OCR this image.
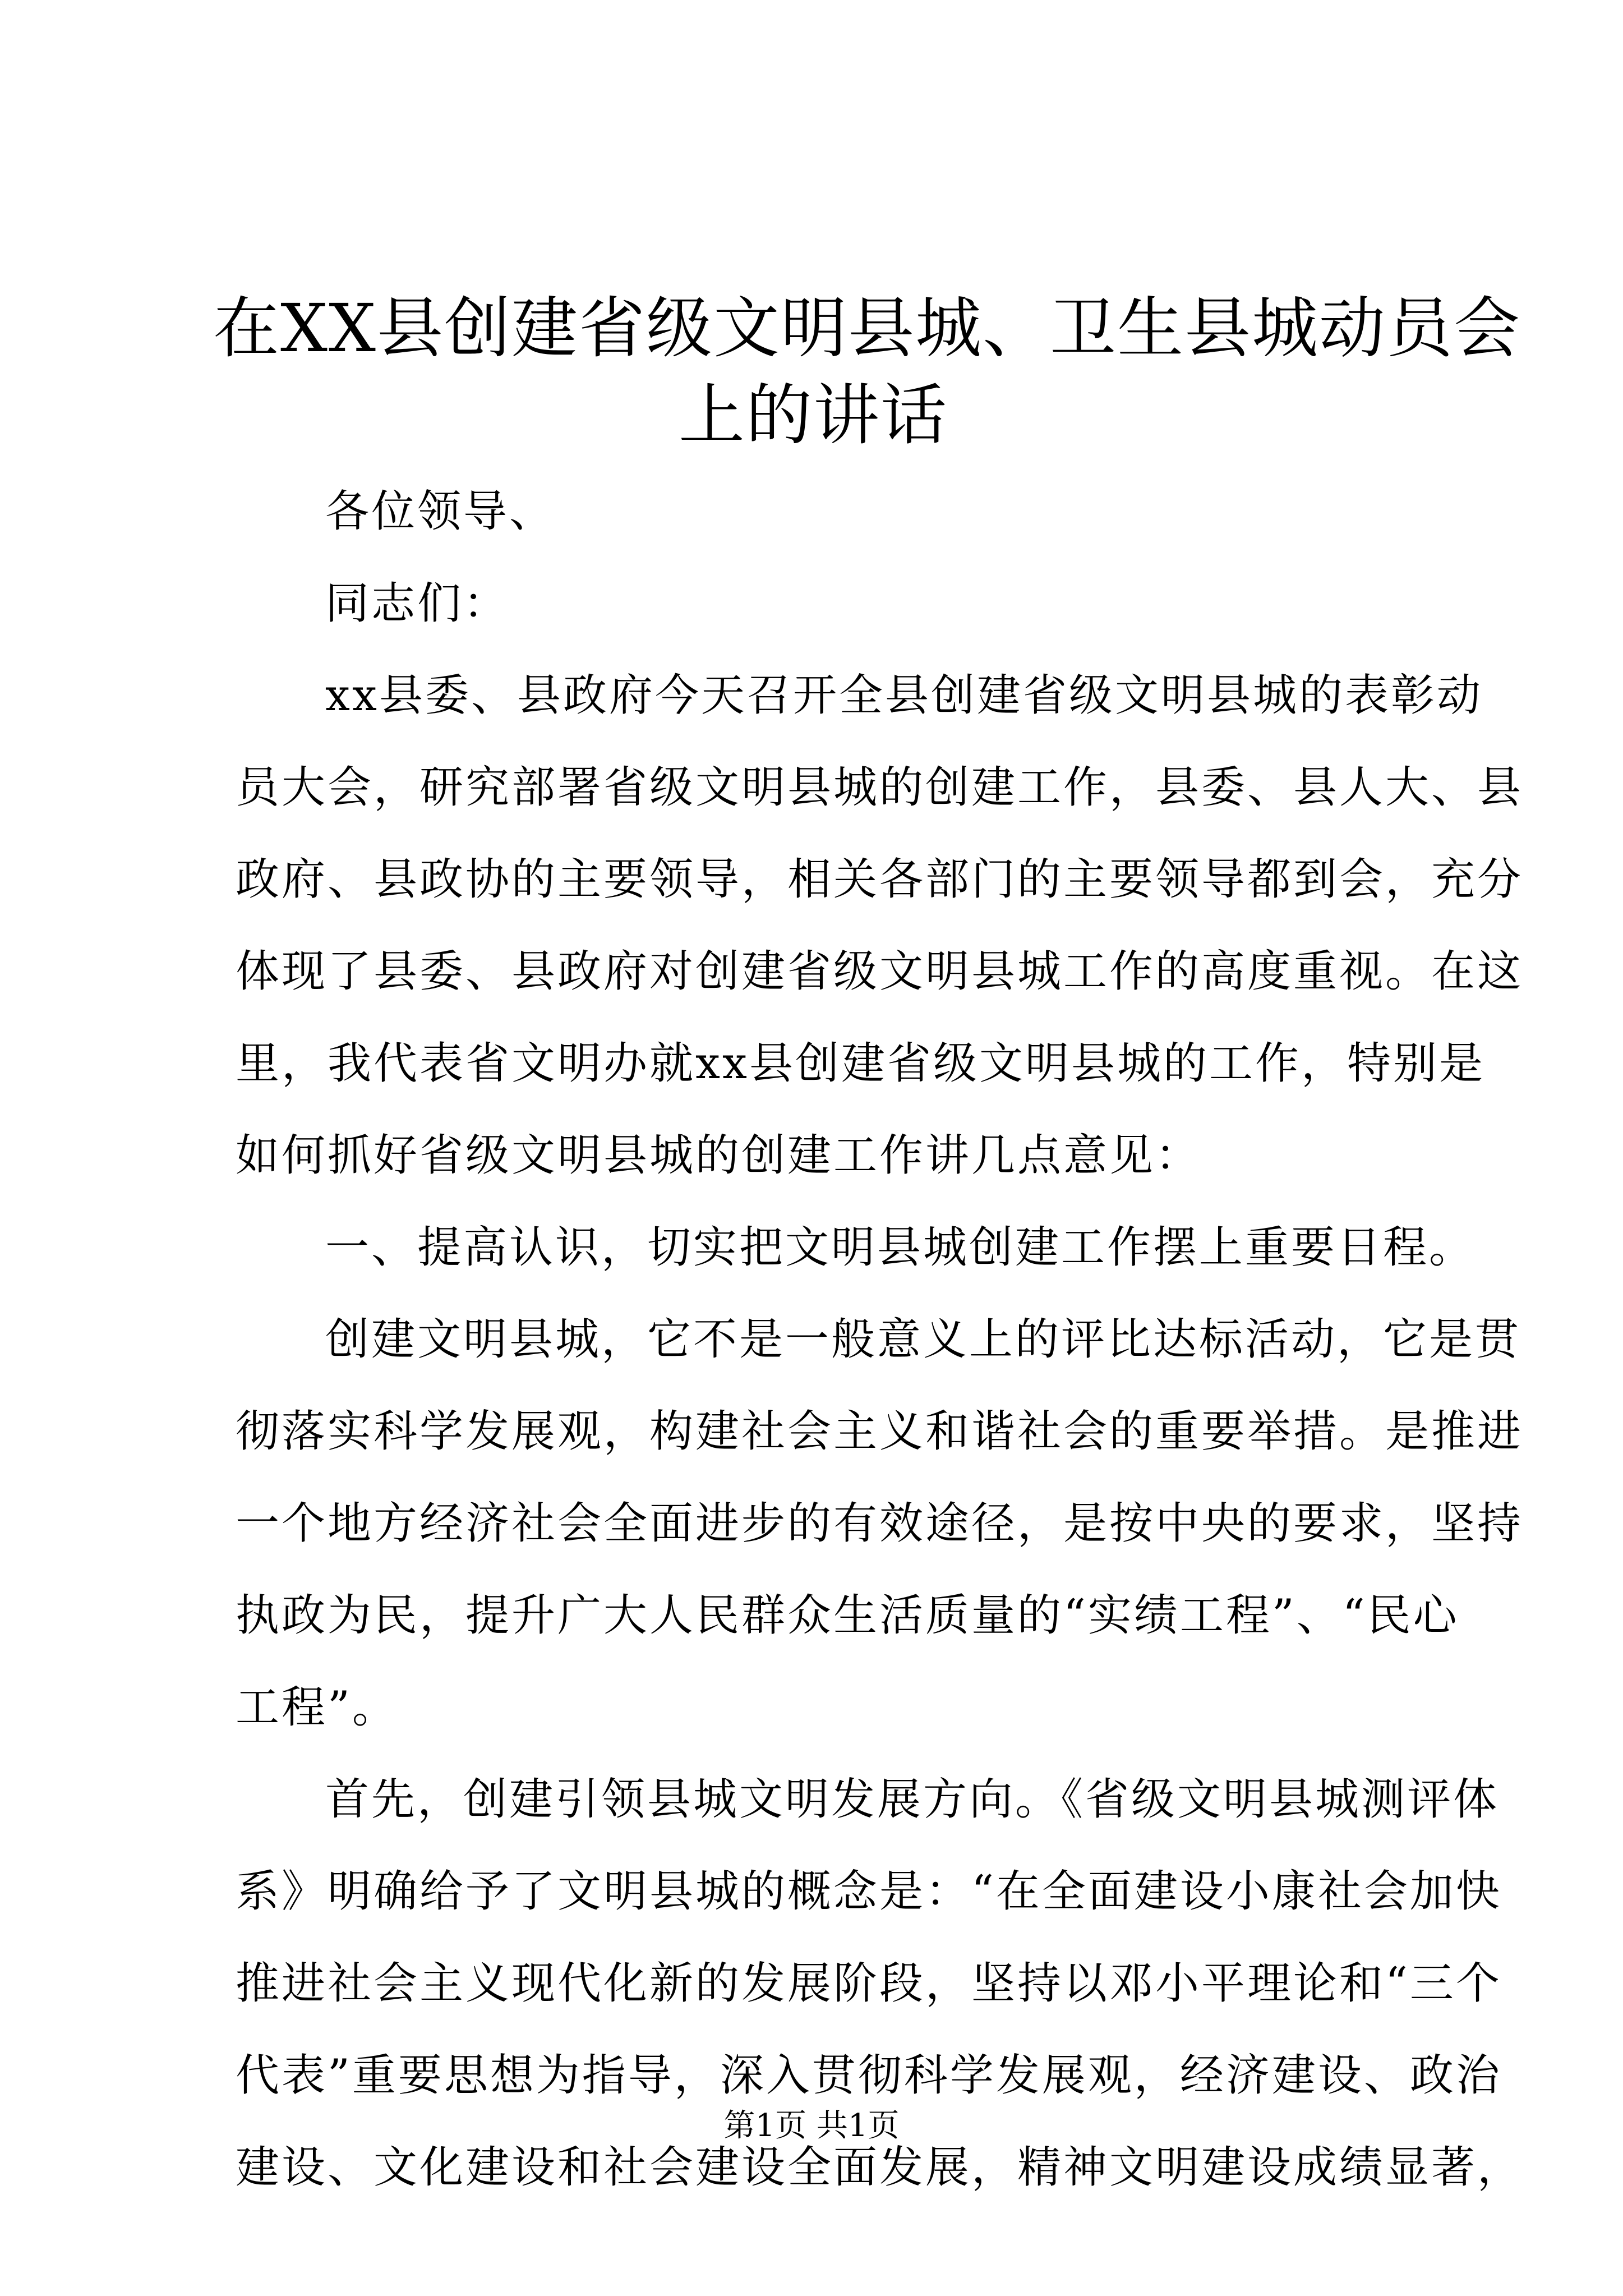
在XX县创建省级文明县城、卫生县城动员会
上的讲话
各位领导、
同志们：
xx县委、县政府今天召开全县创建省级文明县城的表彰动
员大会，研究部署省级文明县城的创建工作，县委、县人大、县
政府、县政协的主要领导，相关各部门的主要领导都到会，充分
体现了县委、县政府对创建省级文明县城工作的高度重视。在这
里，我代表省文明办就xx县创建省级文明县城的工作，特别是
如何抓好省级文明县城的创建工作讲几点意见：
一、提高认识，切实把文明县城创建工作摆上重要日程。
创建文明县城，它不是一般意义上的评比达标活动，它是贯
彻落实科学发展观，构建社会主义和谐社会的重要举措。是推进
一个地方经济社会全面进步的有效途径，是按中央的要求，坚持
执政为民，提升广大人民群众生活质量的“实绩工程”、“民心
工程”。
首先，创建引领县城文明发展方向。《省级文明县城测评体
系》明确给予了文明县城的概念是：“在全面建设小康社会加快
推进社会主义现代化新的发展阶段，坚持以邓小平理论和“三个
代表”重要思想为指导，深入贯彻科学发展观，经济建设、政治
建设、文化建设和社会建设全面发展，精神文明建设成绩显著，
第1页 共1页
